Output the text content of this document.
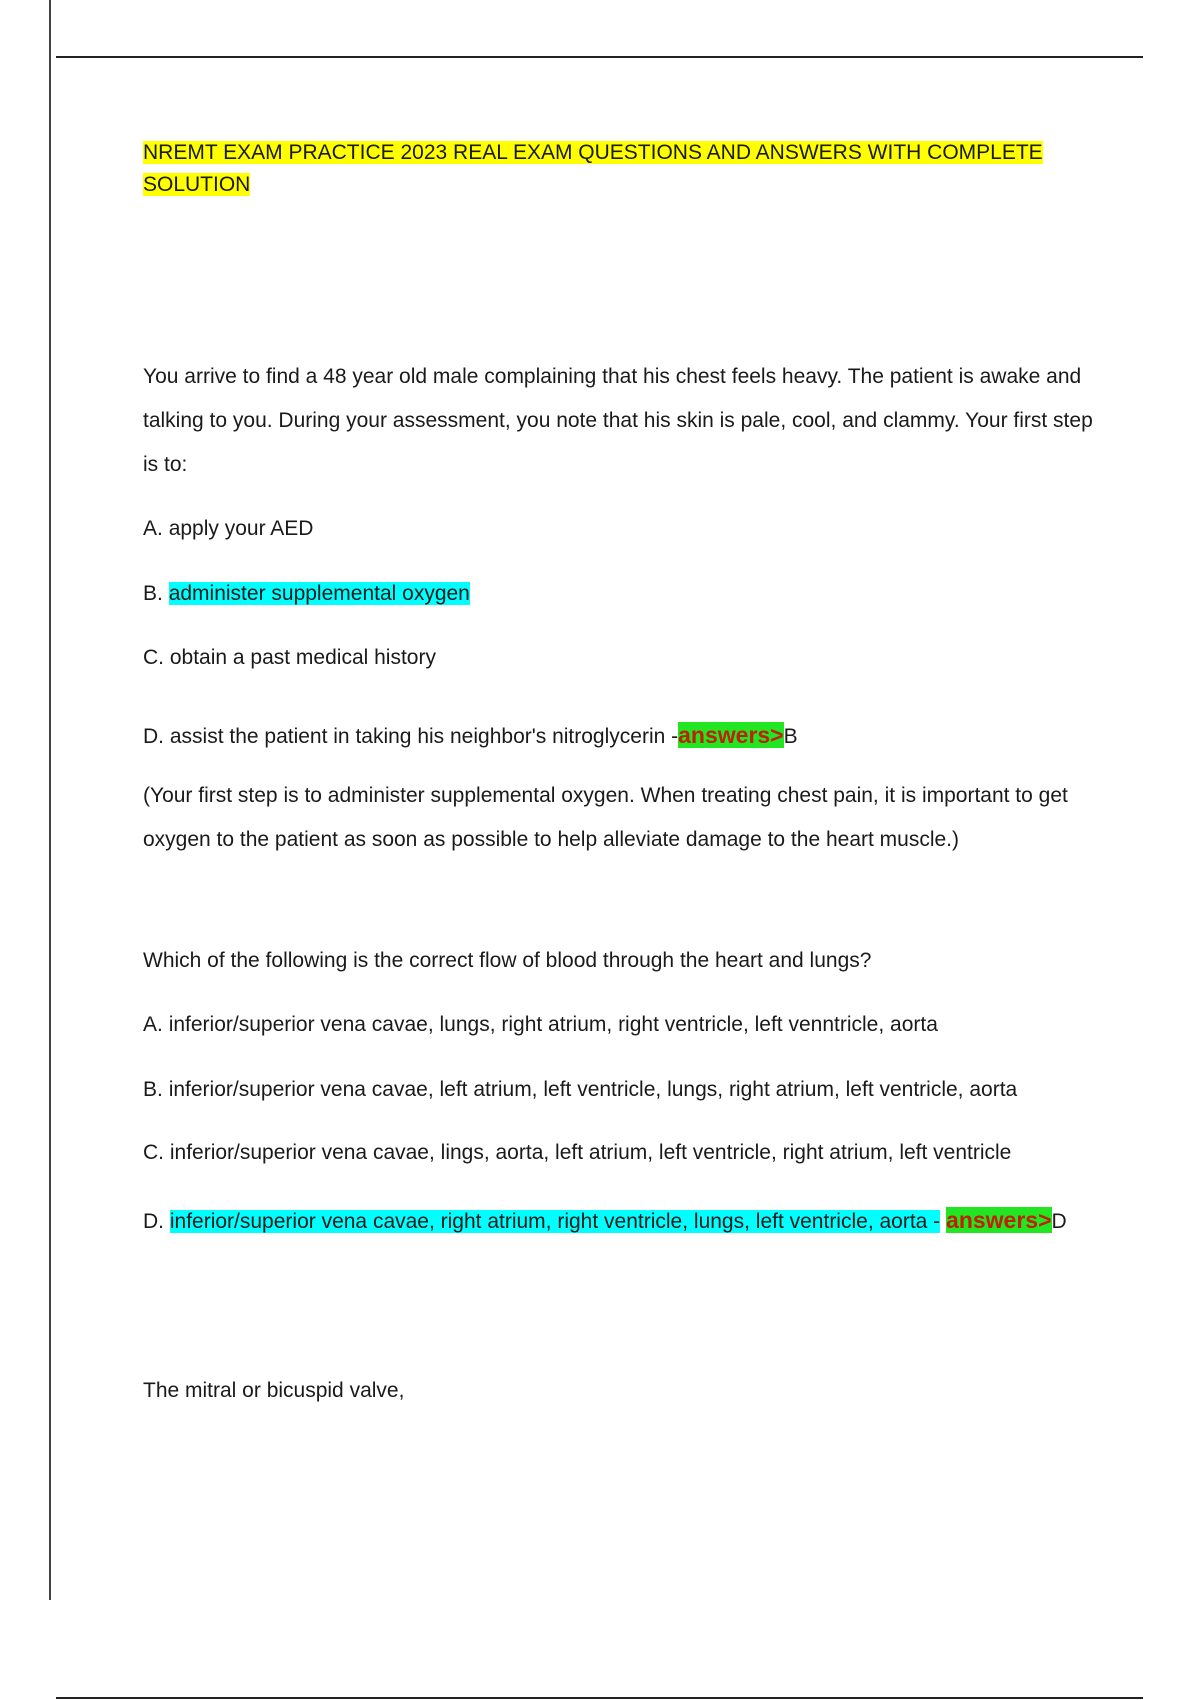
NREMT EXAM PRACTICE 2023 REAL EXAM QUESTIONS AND ANSWERS WITH COMPLETE SOLUTION
You arrive to find a 48 year old male complaining that his chest feels heavy. The patient is awake and talking to you. During your assessment, you note that his skin is pale, cool, and clammy. Your first step is to:
A. apply your AED
B. administer supplemental oxygen
C. obtain a past medical history
D. assist the patient in taking his neighbor's nitroglycerin -answers>B
(Your first step is to administer supplemental oxygen. When treating chest pain, it is important to get oxygen to the patient as soon as possible to help alleviate damage to the heart muscle.)
Which of the following is the correct flow of blood through the heart and lungs?
A. inferior/superior vena cavae, lungs, right atrium, right ventricle, left venntricle, aorta
B. inferior/superior vena cavae, left atrium, left ventricle, lungs, right atrium, left ventricle, aorta
C. inferior/superior vena cavae, lings, aorta, left atrium, left ventricle, right atrium, left ventricle
D. inferior/superior vena cavae, right atrium, right ventricle, lungs, left ventricle, aorta - answers>D
The mitral or bicuspid valve,
